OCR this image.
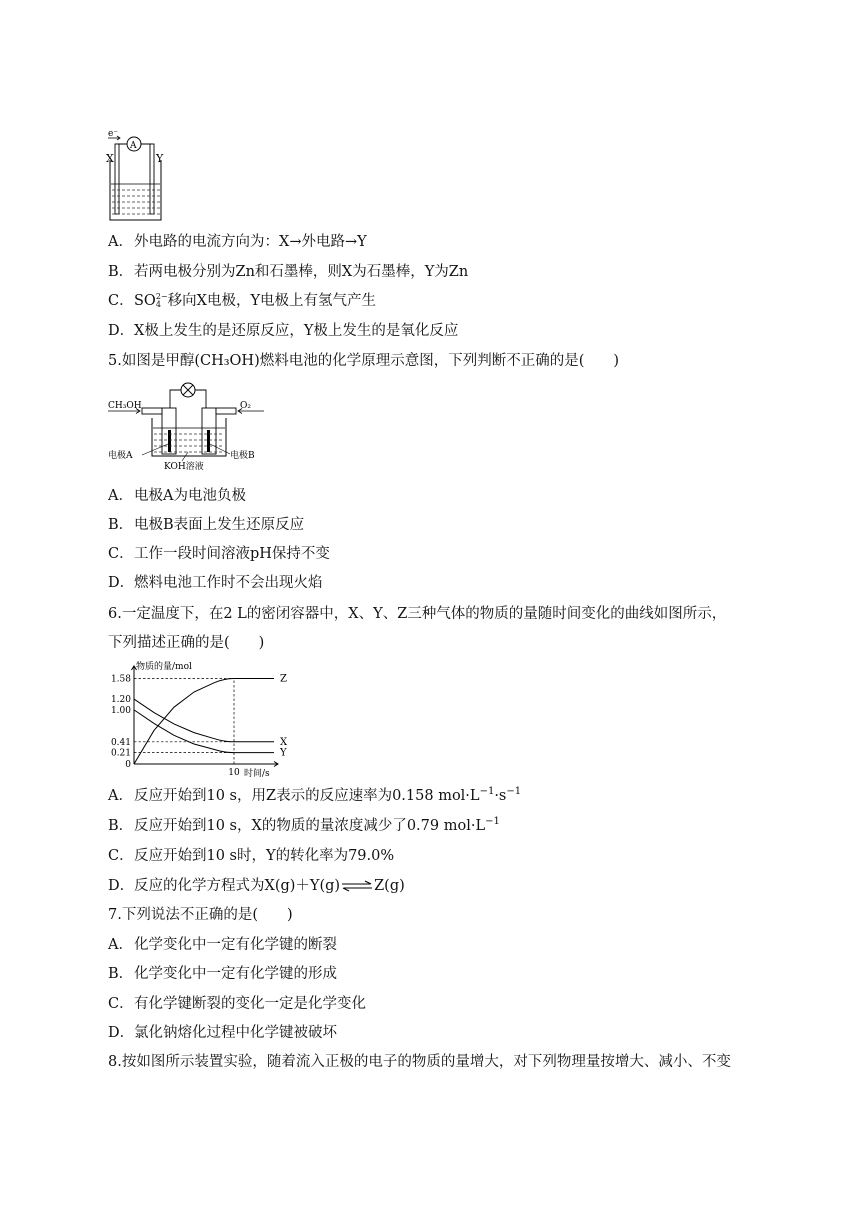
e⁻
A
X	Y
A．外电路的电流方向为：X→外电路→Y
B．若两电极分别为Zn和石墨棒，则X为石墨棒，Y为Zn
C．SO 2−
4 移向X电极，Y电极上有氢气产生
D．X极上发生的是还原反应，Y极上发生的是氧化反应
5.如图是甲醇(CH₃OH)燃料电池的化学原理示意图，下列判断不正确的是(　　)
CH₃OH	O₂
电极A	电极B
KOH溶液
A．电极A为电池负极
B．电极B表面上发生还原反应
C．工作一段时间溶液pH保持不变
D．燃料电池工作时不会出现火焰
6.一定温度下，在2 L的密闭容器中，X、Y、Z三种气体的物质的量随时间变化的曲线如图所示，
下列描述正确的是(　　)
物质的量/mol
时间/s
1.58
1.20
1.00
0.41
0.21
0
10
Z
X
Y
A．反应开始到10 s，用Z表示的反应速率为0.158 $mol\cdot L^{-1}\cdot s^{-1}$
B．反应开始到10 s，X的物质的量浓度减少了0.79 $mol\cdot L^{-1}$
C．反应开始到10 s时，Y的转化率为79.0%
D．反应的化学方程式为X(g)＋Y(g)⇌Z(g)
7.下列说法不正确的是(　　)
A．化学变化中一定有化学键的断裂
B．化学变化中一定有化学键的形成
C．有化学键断裂的变化一定是化学变化
D．氯化钠熔化过程中化学键被破坏
8.按如图所示装置实验，随着流入正极的电子的物质的量增大，对下列物理量按增大、减小、不变
